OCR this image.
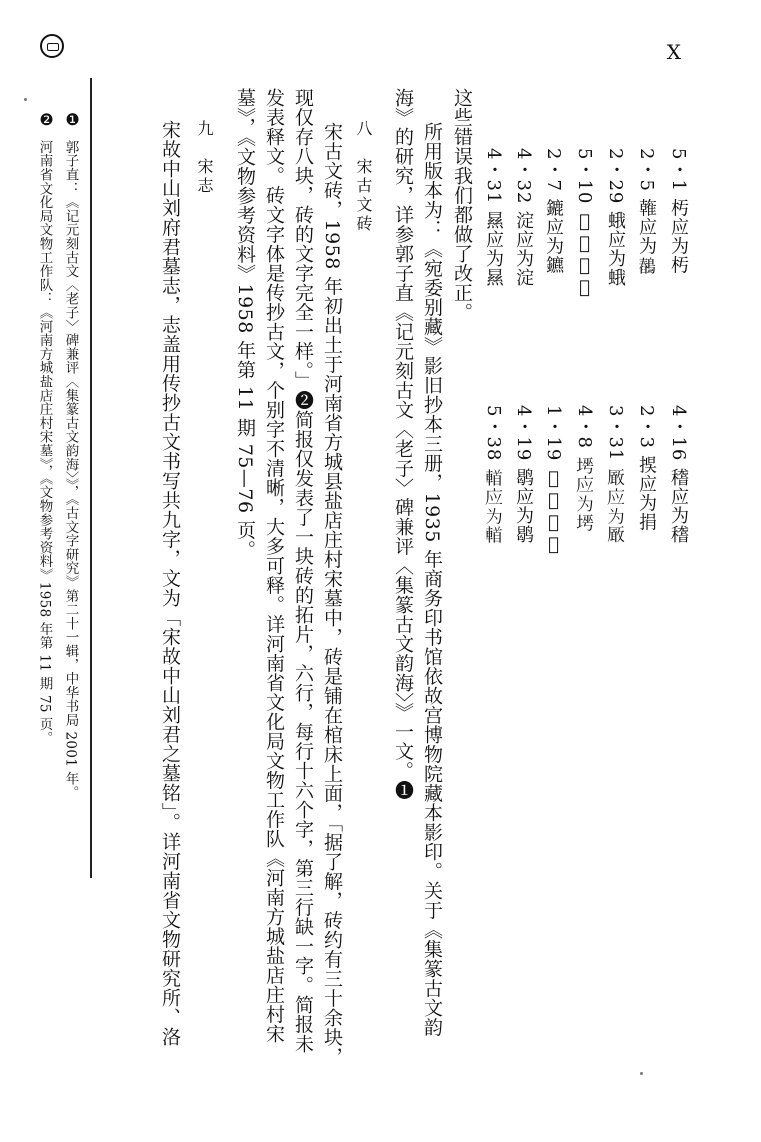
X
5・1 𣏓应为𣏓
2・5 雗应为𪅖
2・29 蛾应为蛾
5・10 𤮒应为𤮒
2・7 鏕应为鑣
4・32 淀应为淀
4・31 㬎应为㬎
4・16 𥡴应为𥡴
2・3 捑应为捐
3・31 𠪚应为𠪚
4・8 𡌱应为𡌱
1・19 𦎫应为𦎫
4・19 鹖应为鹖
5・38 𨍣应为𨍣
这些错误我们都做了改正。
所用版本为：《宛委别藏》影旧抄本三册，1935 年商务印书馆依故宫博物院藏本影印。关于《集篆古文韵
海》的研究，详参郭子直《记元刻古文〈老子〉碑兼评〈集篆古文韵海〉》一文。❶
八　宋古文砖
宋古文砖，1958 年初出土于河南省方城县盐店庄村宋墓中，砖是铺在棺床上面，「据了解，砖约有三十余块，
现仅存八块，砖的文字完全一样。」❷简报仅发表了一块砖的拓片，六行，每行十六个字，第三行缺一字。简报未
发表释文。砖文字体是传抄古文，个别字不清晰，大多可释。详河南省文化局文物工作队《河南方城盐店庄村宋
墓》，《文物参考资料》1958 年第 11 期 75—76 页。
九　宋志
宋故中山刘府君墓志，志盖用传抄古文书写共九字，文为「宋故中山刘君之墓铭」。详河南省文物研究所、洛
❶
郭子直：《记元刻古文〈老子〉碑兼评〈集篆古文韵海〉》，《古文字研究》第二十一辑，中华书局 2001 年。
❷
河南省文化局文物工作队：《河南方城盐店庄村宋墓》，《文物参考资料》1958 年第 11 期 75 页。
